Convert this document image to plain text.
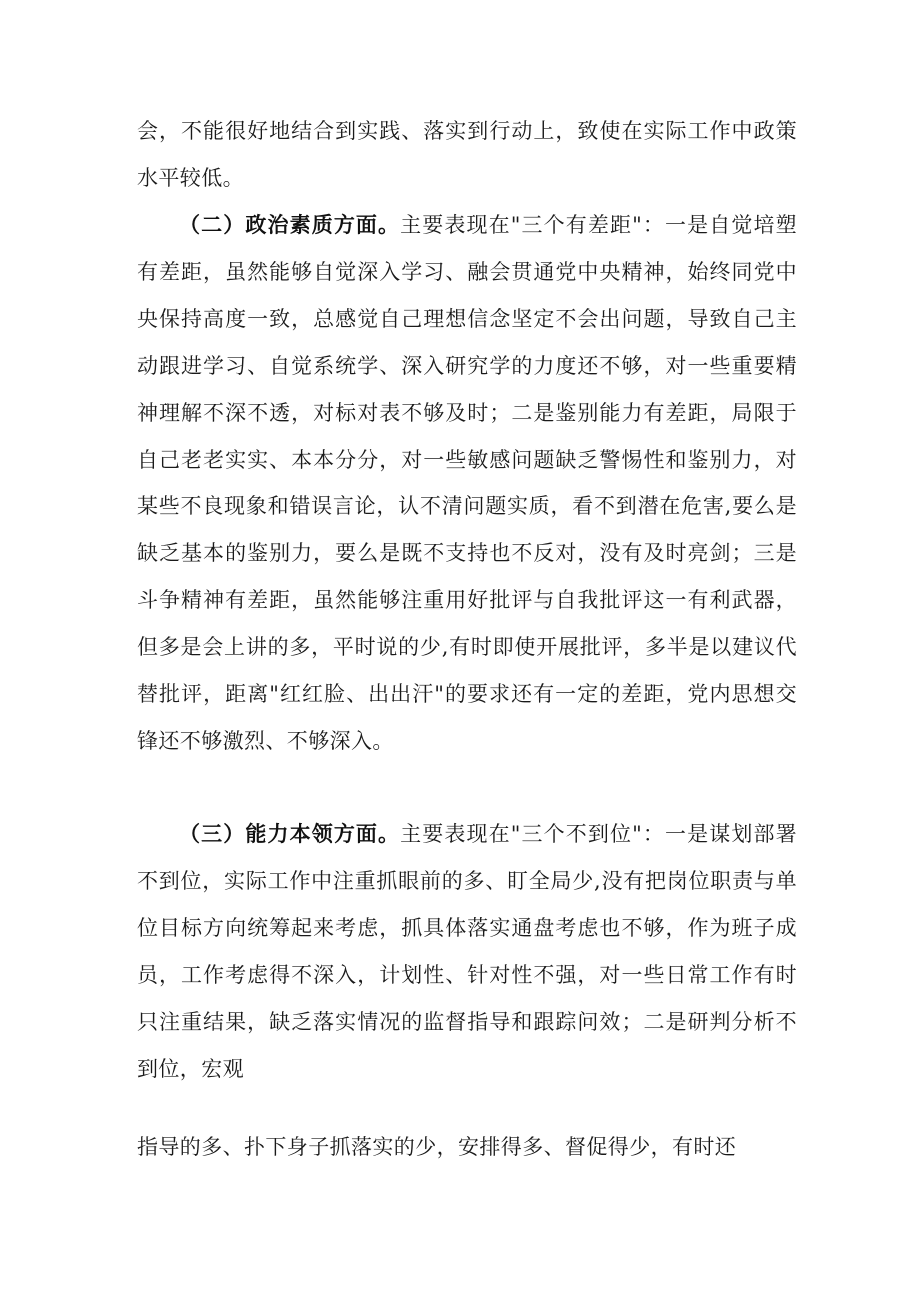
会，不能很好地结合到实践、落实到行动上，致使在实际工作中政策水平较低。

（二）政治素质方面。主要表现在"三个有差距"：一是自觉培塑有差距，虽然能够自觉深入学习、融会贯通党中央精神，始终同党中央保持高度一致，总感觉自己理想信念坚定不会出问题，导致自己主动跟进学习、自觉系统学、深入研究学的力度还不够，对一些重要精神理解不深不透，对标对表不够及时；二是鉴别能力有差距，局限于自己老老实实、本本分分，对一些敏感问题缺乏警惕性和鉴别力，对某些不良现象和错误言论，认不清问题实质，看不到潜在危害,要么是缺乏基本的鉴别力，要么是既不支持也不反对，没有及时亮剑；三是斗争精神有差距，虽然能够注重用好批评与自我批评这一有利武器，但多是会上讲的多，平时说的少,有时即使开展批评，多半是以建议代替批评，距离"红红脸、出出汗"的要求还有一定的差距，党内思想交锋还不够激烈、不够深入。

（三）能力本领方面。主要表现在"三个不到位"：一是谋划部署不到位，实际工作中注重抓眼前的多、盯全局少,没有把岗位职责与单位目标方向统筹起来考虑，抓具体落实通盘考虑也不够，作为班子成员，工作考虑得不深入，计划性、针对性不强，对一些日常工作有时只注重结果，缺乏落实情况的监督指导和跟踪问效；二是研判分析不到位，宏观

指导的多、扑下身子抓落实的少，安排得多、督促得少，有时还
